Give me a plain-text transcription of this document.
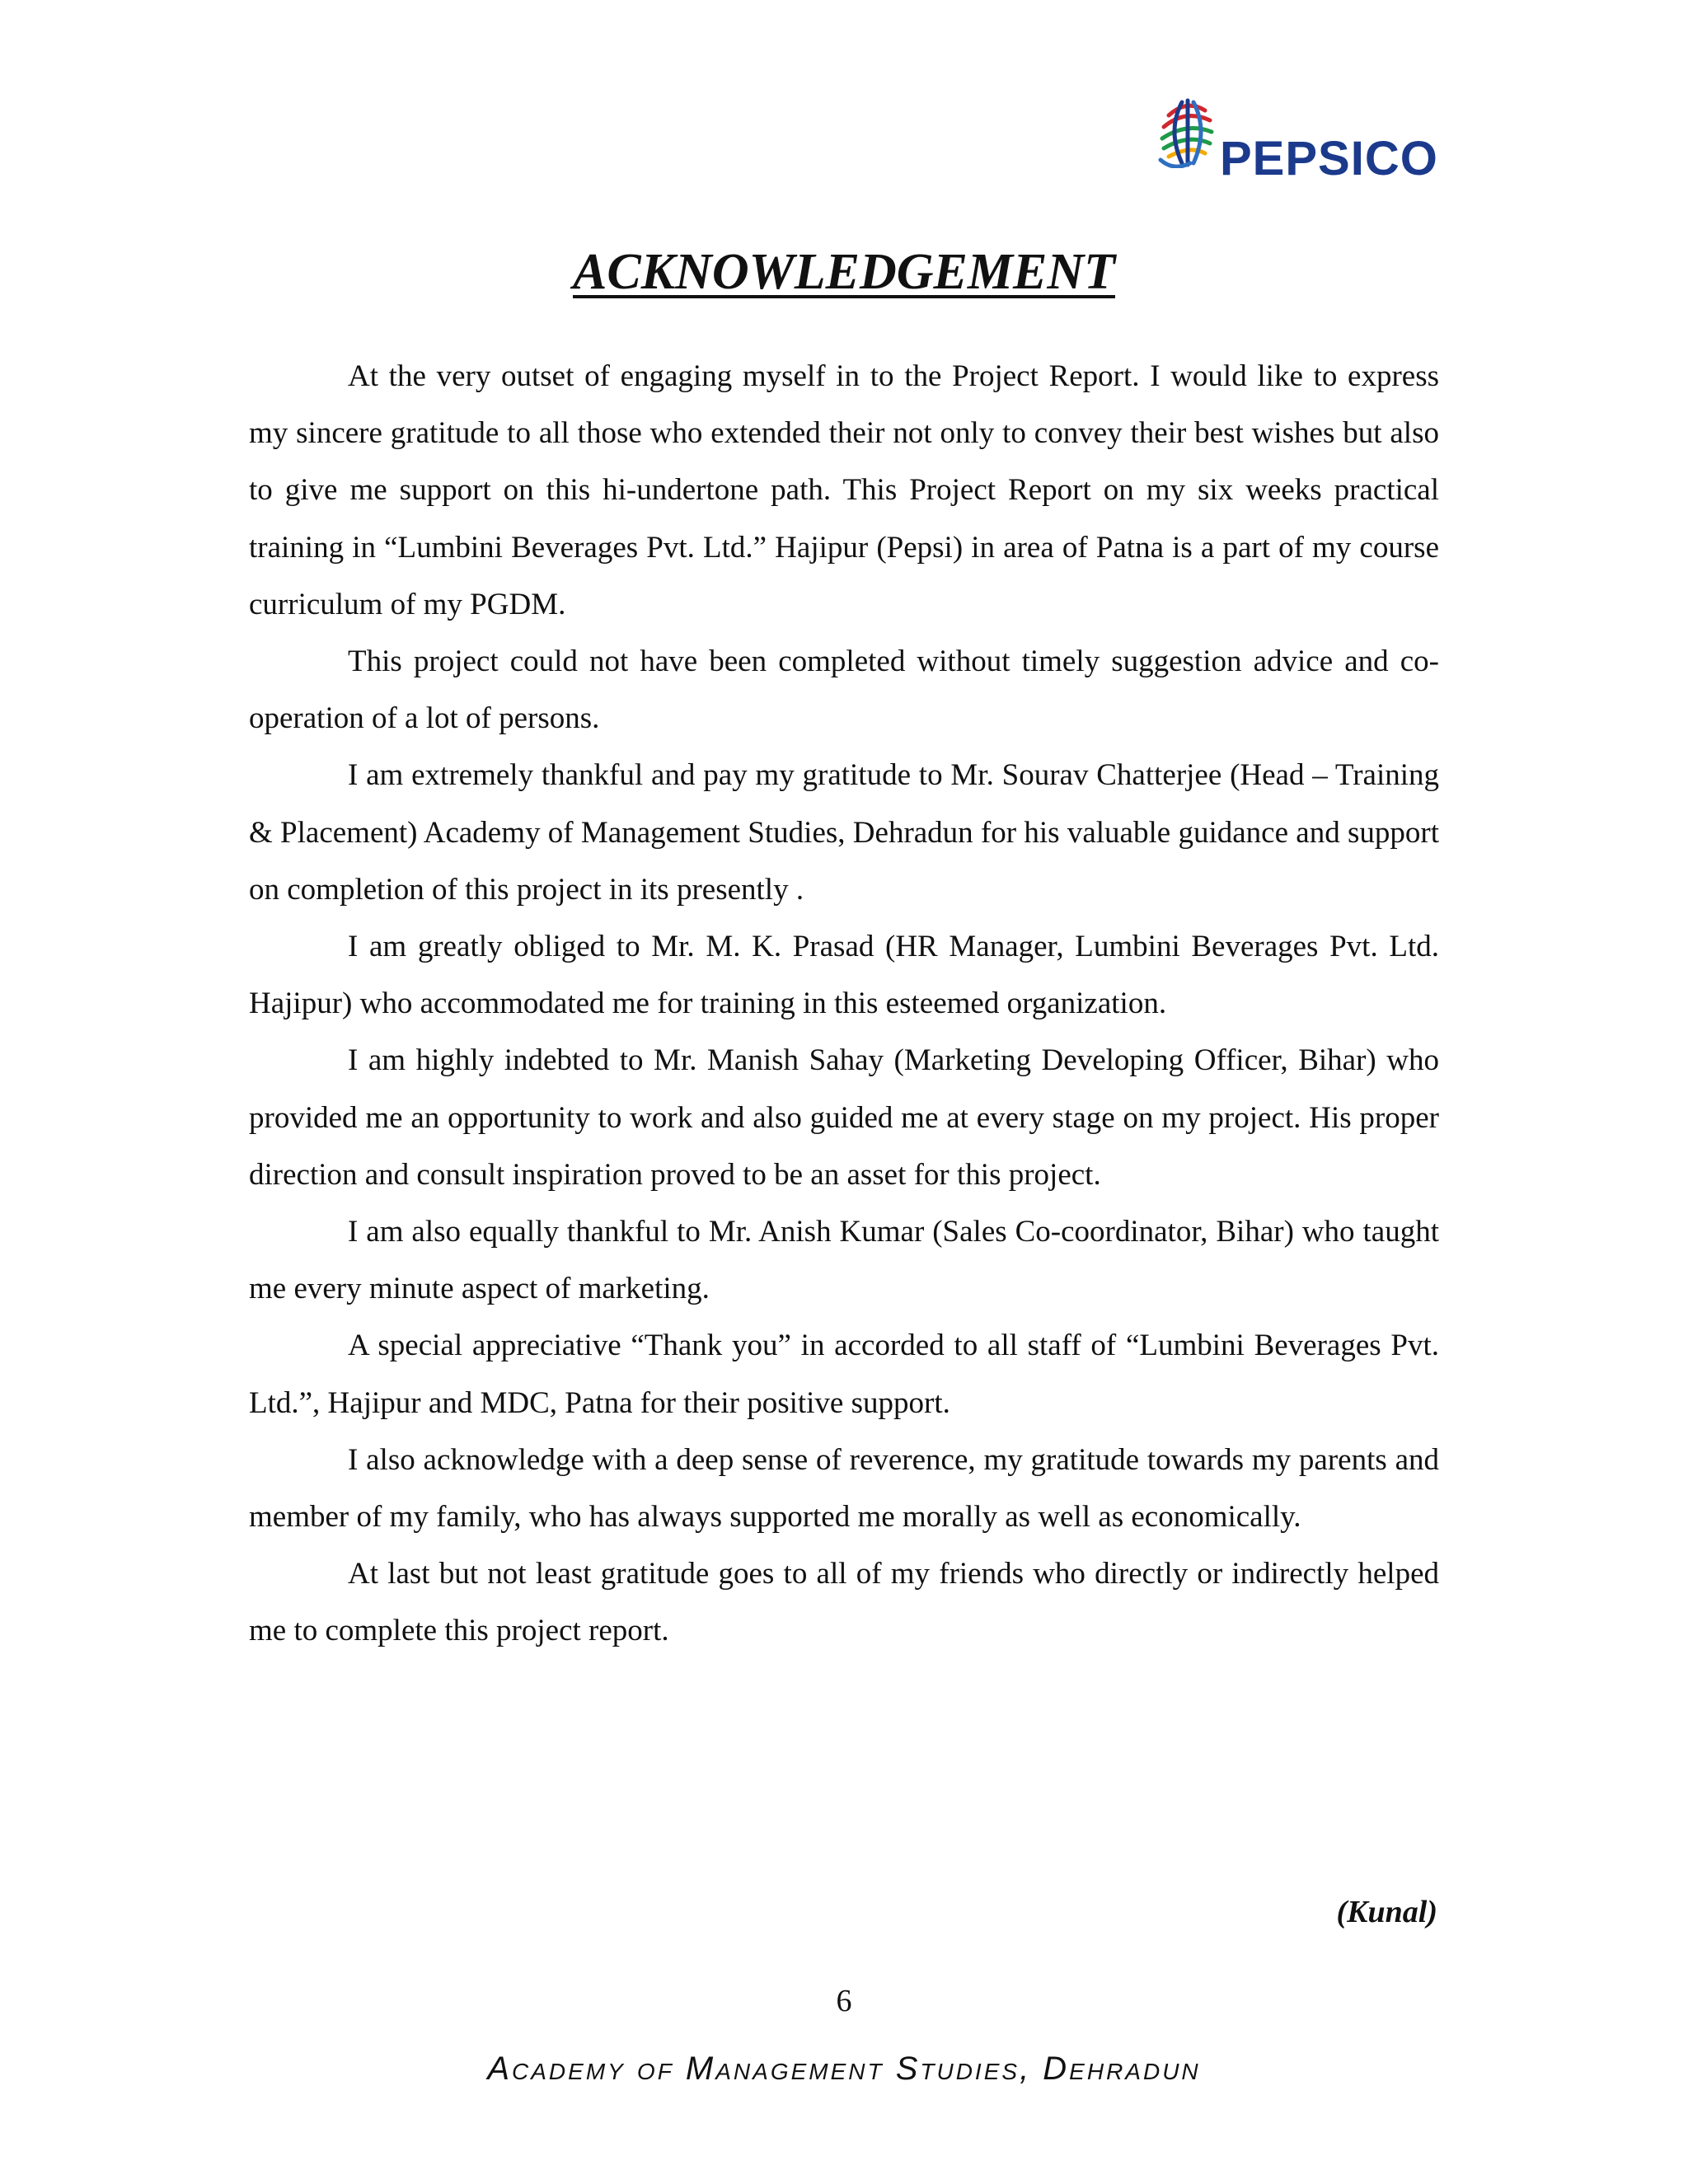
PEPSICO
ACKNOWLEDGEMENT

At the very outset of engaging myself in to the Project Report. I would like to express my sincere gratitude to all those who extended their not only to convey their best wishes but also to give me support on this hi-undertone path. This Project Report on my six weeks practical training in “Lumbini Beverages Pvt. Ltd.” Hajipur (Pepsi) in area of Patna is a part of my course curriculum of my PGDM.

This project could not have been completed without timely suggestion advice and co-operation of a lot of persons.

I am extremely thankful and pay my gratitude to Mr. Sourav Chatterjee (Head – Training & Placement) Academy of Management Studies, Dehradun for his valuable guidance and support on completion of this project in its presently .

I am greatly obliged to Mr. M. K. Prasad (HR Manager, Lumbini Beverages Pvt. Ltd. Hajipur) who accommodated me for training in this esteemed organization.

I am highly indebted to Mr. Manish Sahay (Marketing Developing Officer, Bihar) who provided me an opportunity to work and also guided me at every stage on my project. His proper direction and consult inspiration proved to be an asset for this project.

I am also equally thankful to Mr. Anish Kumar (Sales Co-coordinator, Bihar) who taught me every minute aspect of marketing.

A special appreciative “Thank you” in accorded to all staff of “Lumbini Beverages Pvt. Ltd.”, Hajipur and MDC, Patna for their positive support.

I also acknowledge with a deep sense of reverence, my gratitude towards my parents and member of my family, who has always supported me morally as well as economically.

At last but not least gratitude goes to all of my friends who directly or indirectly helped me to complete this project report.

(Kunal)
6
Academy of Management Studies, Dehradun
